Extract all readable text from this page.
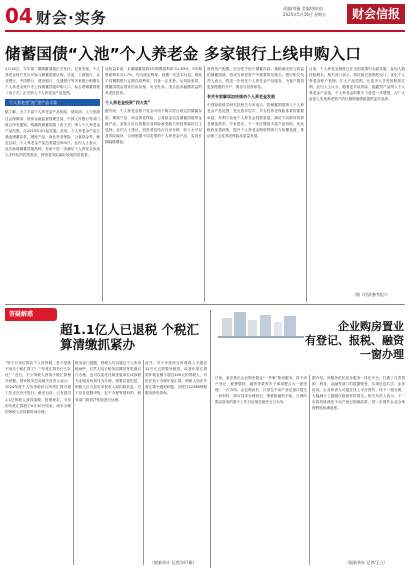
04 财会·实务
责编/刘薇 美编/唐炫煊
2025年5月16日 星期五	财会信报
储蓄国债“入池”个人养老金 多家银行上线申购入口
4月16日，今年第二期储蓄国债正式发行。记者发现，个人养老金账户首次可参与储蓄国债认购。目前，工商银行、农业银行、中国银行、建设银行、交通银行等多家银行相继在个人养老金账户中上线储蓄国债申购入口，标志着储蓄国债（电子式）正式纳入个人养老金产品范围。
个人养老金“池”里产品丰富
据了解，为了丰富个人养老金产品供给，财政部、人力资源社会保障部、国家金融监督管理总局、中国人民银行等部门联合印发通知，明确将储蓄国债（电子式）纳入个人养老金产品范围，自2025年4月起实施。此前，个人养老金产品已涵盖储蓄存款、理财产品、商业养老保险、公募基金等，截至目前，个人养老金产品总数超过900只。业内人士表示，此次新增储蓄国债品种，有助于进一步满足个人养老金参加人多样化的投资需求，特别是风险偏好较低的投资者。
从收益来看，本期储蓄国债3年期票面利率为1.63%，5年期票面利率为1.7%，均为固定利率，到期一次还本付息。相较于同期限银行定期存款利率，具备一定优势。从风险来看，储蓄国债由国家信用担保，安全性高，适合追求稳健收益的养老投资者。
个人养老金投资“四大类”
据介绍，个人养老金账户资金可用于购买符合规定的储蓄存款、理财产品、商业养老保险、公募基金以及储蓄国债等金融产品，参加人可以根据自身风险承受能力和投资偏好自主选择。业内人士建议，投资者应结合自身年龄、收入水平以及风险偏好，合理配置不同类型的个人养老金产品，实现长期稳健增值。
度的资产配置。安全性不低于储蓄存款，兼顾流动性与收益的储蓄国债，将成为养老资产中重要的压舱石。银行相关负责人表示，将进一步优化个人养老金产品服务，为客户提供更加便捷的开户、缴存与投资体验。
有关专家解读加快推动个人养老金发展
中国财政科学研究院相关专家表示，将储蓄国债纳入个人养老金产品范围，是完善多层次、多支柱养老保险体系的重要举措，有利于拓宽个人养老金投资渠道，满足不同群体的养老储备需求。专家建议，下一步应继续丰富产品供给，优化税收优惠政策，提升个人养老金制度的吸引力和覆盖面，推动第三支柱养老保险高质量发展。
目前，个人养老金制度已在全国范围内全面实施，参加人数持续增长。相关部门表示，将持续完善制度设计，优化个人养老金账户管理，扩大产品范围，让更多人享受到制度红利。业内人士认为，随着更多低风险、稳健型产品纳入个人养老金产品池，个人养老金的吸引力将进一步增强，为广大参加人实现养老资产的长期保值增值提供更多选择。
（据《经济参考报》）
答疑解惑
超1.1亿人已退税 个税汇算清缴抓紧办
“每个月单位都扣个人所得税，是不是就不用办个税汇算了？”“年度汇算有什么好处？”近日，不少纳税人咨询个税汇算相关问题。国家税务总局相关负责人表示，2024年度个人所得税综合所得汇算办理工作正在有序进行，截至目前，已有超过1.1亿纳税人获得退税。按照规定，今年的年度汇算将于6月30日结束，尚未办理的纳税人应抓紧时间办理。
税务部门提醒，纳税人可以通过个人所得税APP、自然人电子税务局网站等渠道自行办理，也可以委托任职受雇单位或涉税专业服务机构代为办理。需要注意的是，纳税人应当如实申报收入和扣除信息，对于存在虚假申报、拒不办理等情形的，税务部门将依法依规进行处理。
此外，对于年度综合所得收入不超过12万元且需要补税的，或者年度汇算需补税金额不超过400元的纳税人，可依法免于办理年度汇算。纳税人如在年度汇算中遇到问题，可拨打12366纳税服务热线咨询。
（据新华社 记者/刘开雄）
企业购房置业
有登记、报税、融资
一窗办理
日前，某市推出企业购房置业“一件事”集成服务，将不动产登记、税费缴纳、融资贷款等多个事项整合为一窗受理、一次办结。企业购房后，只需在不动产登记窗口提交一套材料，即可同步办理登记、报税和融资手续，办理时限由原来的数个工作日压缩至最快当日办结。
据介绍，该服务依托政务服务一体化平台，打通了自然资源、税务、金融等部门的数据壁垒，实现信息共享、业务协同。企业申请人可通过线上平台预约、线下一窗办理，大幅减少了跑腿次数和材料提交。相关负责人表示，下一步将持续深化不动产登记领域改革，进一步提升企业办事便利度和满意度。
（据新华社 记者/王立）
